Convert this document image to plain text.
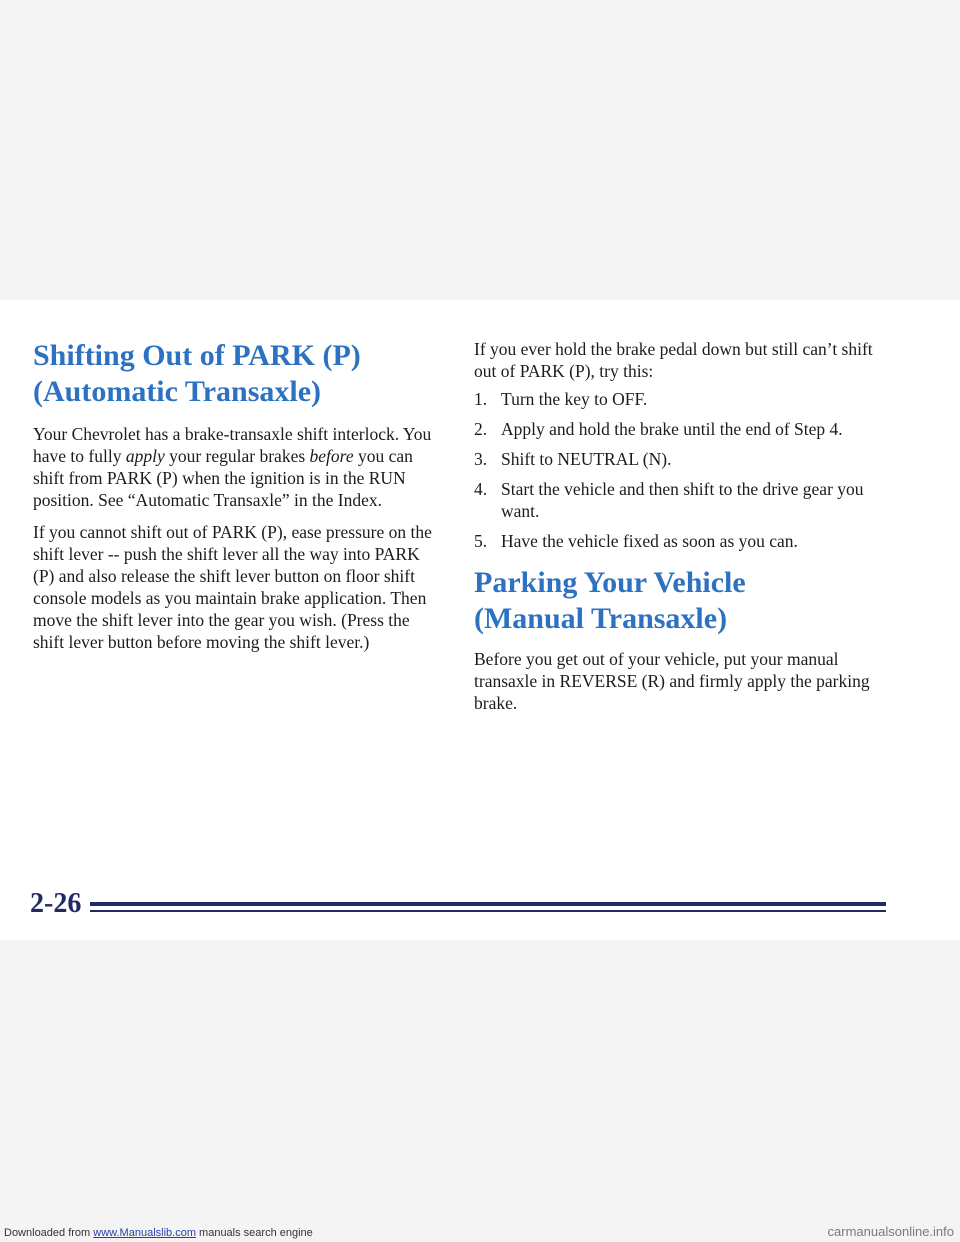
Shifting Out of PARK (P)
(Automatic Transaxle)

Your Chevrolet has a brake-transaxle shift interlock. You have to fully apply your regular brakes before you can shift from PARK (P) when the ignition is in the RUN position. See “Automatic Transaxle” in the Index.

If you cannot shift out of PARK (P), ease pressure on the shift lever -- push the shift lever all the way into PARK (P) and also release the shift lever button on floor shift console models as you maintain brake application. Then move the shift lever into the gear you wish. (Press the shift lever button before moving the shift lever.)

If you ever hold the brake pedal down but still can’t shift out of PARK (P), try this:

1. Turn the key to OFF.
2. Apply and hold the brake until the end of Step 4.
3. Shift to NEUTRAL (N).
4. Start the vehicle and then shift to the drive gear you want.
5. Have the vehicle fixed as soon as you can.
Parking Your Vehicle
(Manual Transaxle)

Before you get out of your vehicle, put your manual transaxle in REVERSE (R) and firmly apply the parking brake.

2-26
Downloaded from www.Manualslib.com manuals search engine	carmanualsonline.info
